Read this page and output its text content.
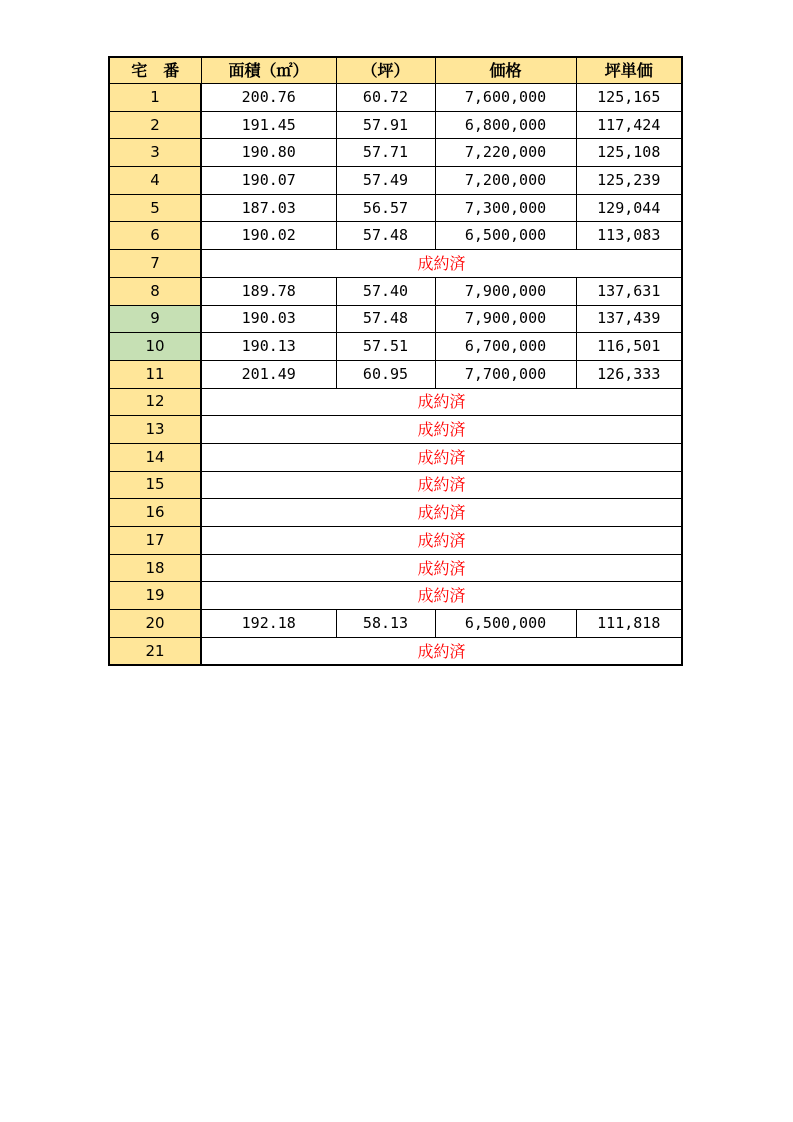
宅　番	面積（㎡）	（坪）	価格	坪単価
1	200.76	60.72	7,600,000	125,165
2	191.45	57.91	6,800,000	117,424
3	190.80	57.71	7,220,000	125,108
4	190.07	57.49	7,200,000	125,239
5	187.03	56.57	7,300,000	129,044
6	190.02	57.48	6,500,000	113,083
7	成約済			
8	189.78	57.40	7,900,000	137,631
9	190.03	57.48	7,900,000	137,439
10	190.13	57.51	6,700,000	116,501
11	201.49	60.95	7,700,000	126,333
12	成約済			
13	成約済			
14	成約済			
15	成約済			
16	成約済			
17	成約済			
18	成約済			
19	成約済			
20	192.18	58.13	6,500,000	111,818
21	成約済			
